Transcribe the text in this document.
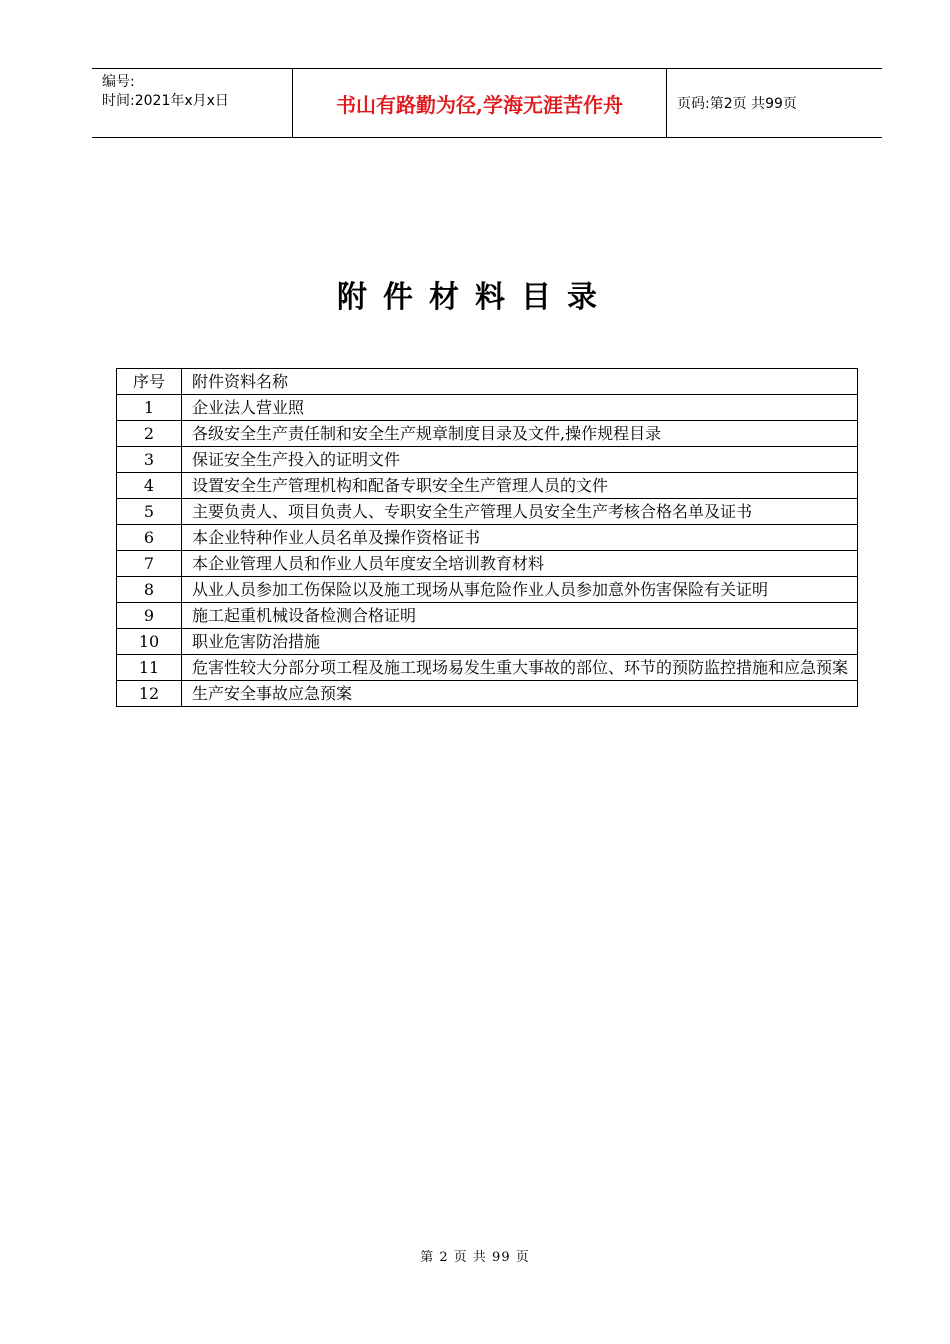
编号:
时间:2021年x月x日	书山有路勤为径,学海无涯苦作舟	页码:第2页 共99页
附件材料目录
序号	附件资料名称
1	企业法人营业照
2	各级安全生产责任制和安全生产规章制度目录及文件,操作规程目录
3	保证安全生产投入的证明文件
4	设置安全生产管理机构和配备专职安全生产管理人员的文件
5	主要负责人、项目负责人、专职安全生产管理人员安全生产考核合格名单及证书
6	本企业特种作业人员名单及操作资格证书
7	本企业管理人员和作业人员年度安全培训教育材料
8	从业人员参加工伤保险以及施工现场从事危险作业人员参加意外伤害保险有关证明
9	施工起重机械设备检测合格证明
10	职业危害防治措施
11	危害性较大分部分项工程及施工现场易发生重大事故的部位、环节的预防监控措施和应急预案
12	生产安全事故应急预案
第 2 页 共 99 页
